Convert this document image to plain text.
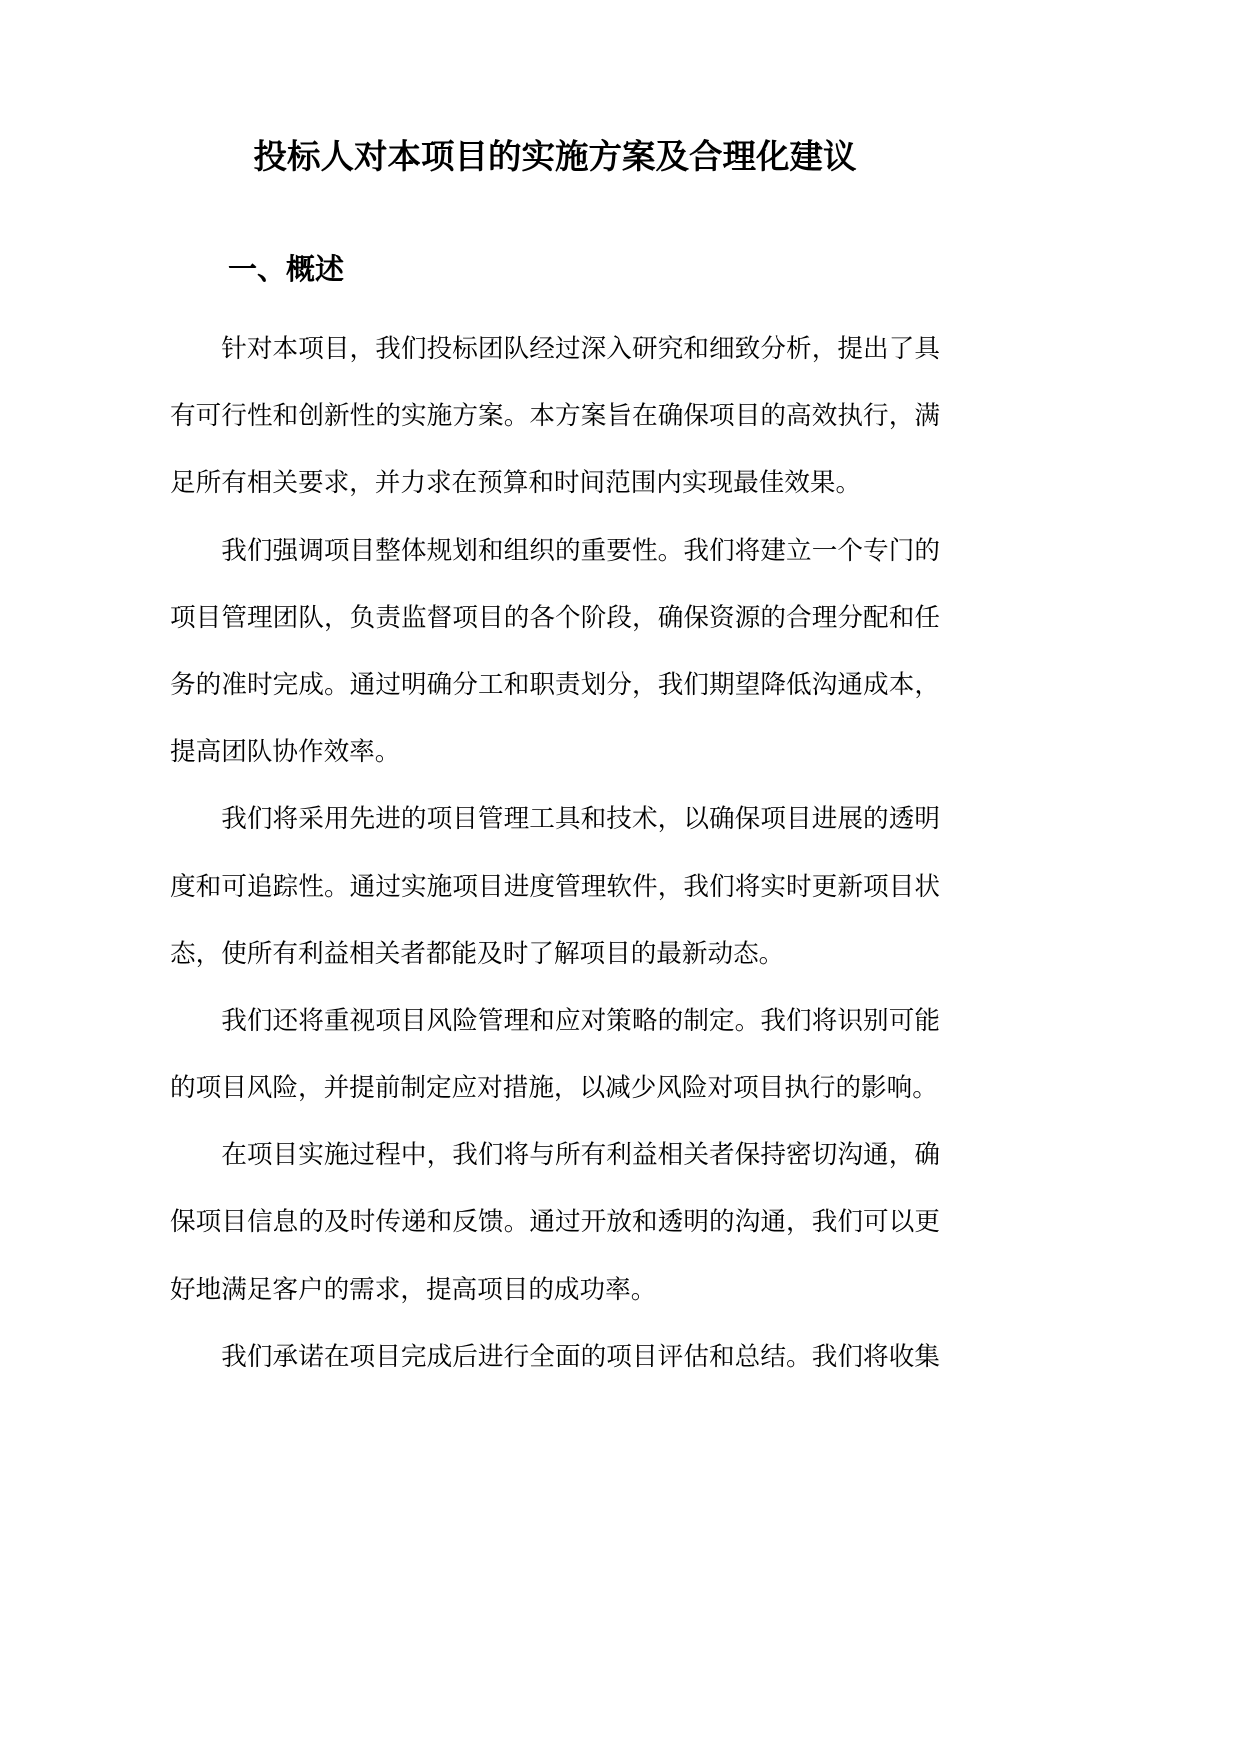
投标人对本项目的实施方案及合理化建议
一、概述
针对本项目，我们投标团队经过深入研究和细致分析，提出了具
有可行性和创新性的实施方案。本方案旨在确保项目的高效执行，满
足所有相关要求，并力求在预算和时间范围内实现最佳效果。
我们强调项目整体规划和组织的重要性。我们将建立一个专门的
项目管理团队，负责监督项目的各个阶段，确保资源的合理分配和任
务的准时完成。通过明确分工和职责划分，我们期望降低沟通成本，
提高团队协作效率。
我们将采用先进的项目管理工具和技术，以确保项目进展的透明
度和可追踪性。通过实施项目进度管理软件，我们将实时更新项目状
态，使所有利益相关者都能及时了解项目的最新动态。
我们还将重视项目风险管理和应对策略的制定。我们将识别可能
的项目风险，并提前制定应对措施，以减少风险对项目执行的影响。
在项目实施过程中，我们将与所有利益相关者保持密切沟通，确
保项目信息的及时传递和反馈。通过开放和透明的沟通，我们可以更
好地满足客户的需求，提高项目的成功率。
我们承诺在项目完成后进行全面的项目评估和总结。我们将收集
